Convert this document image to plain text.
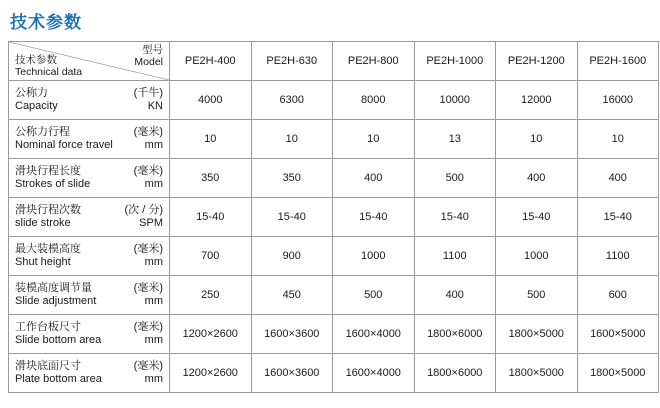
技术参数
型号
Model
技术参数
Technical data	PE2H-400	PE2H-630	PE2H-800	PE2H-1000	PE2H-1200	PE2H-1600

公称力
Capacity
(千牛)
KN	4000	6300	8000	10000	12000	16000

公称力行程
Nominal force travel
(毫米)
mm	10	10	10	13	10	10

滑块行程长度
Strokes of slide
(毫米)
mm	350	350	400	500	400	400

滑块行程次数
slide stroke
(次 / 分)
SPM	15-40	15-40	15-40	15-40	15-40	15-40

最大装模高度
Shut height
(毫米)
mm	700	900	1000	1100	1000	1100

装模高度调节量
Slide adjustment
(毫米)
mm	250	450	500	400	500	600

工作台板尺寸
Slide bottom area
(毫米)
mm	1200×2600	1600×3600	1600×4000	1800×6000	1800×5000	1600×5000

滑块底面尺寸
Plate bottom area
(毫米)
mm	1200×2600	1600×3600	1600×4000	1800×6000	1800×5000	1800×5000
